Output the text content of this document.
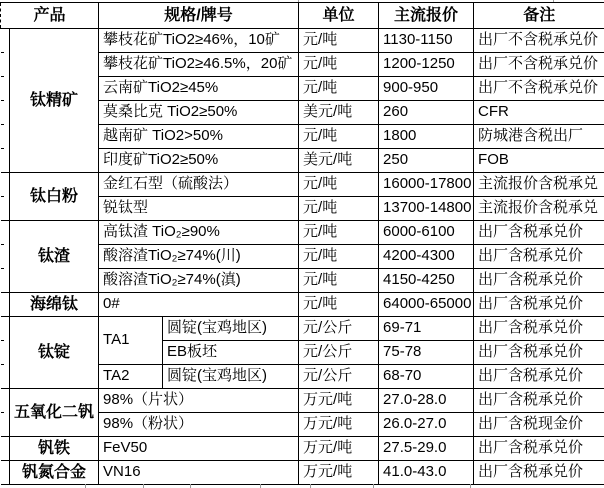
产品		规格/牌号		单位	主流报价	备注
	钛精矿	攀枝花矿TiO2≥46%，10矿		元/吨	1130-1150	出厂不含税承兑价
		攀枝花矿TiO2≥46.5%，20矿		元/吨	1200-1250	出厂不含税承兑价
		云南矿TiO2≥45%		元/吨	900-950	出厂不含税承兑价
		莫桑比克 TiO2≥50%		美元/吨	260	CFR
		越南矿 TiO2>50%		元/吨	1800	防城港含税出厂
		印度矿TiO2≥50%		美元/吨	250	FOB
	钛白粉	金红石型（硫酸法）		元/吨	16000-17800	主流报价含税承兑
		锐钛型		元/吨	13700-14800	主流报价含税承兑
	钛渣	高钛渣 TiO₂≥90%		元/吨	6000-6100	出厂含税承兑价
		酸溶渣TiO₂≥74%(川)		元/吨	4200-4300	出厂含税承兑价
		酸溶渣TiO₂≥74%(滇)		元/吨	4150-4250	出厂含税承兑价
	海绵钛	0#		元/吨	64000-65000	出厂含税承兑价
	钛锭	TA1	圆锭(宝鸡地区)	元/公斤	69-71	出厂含税承兑价
			EB板坯	元/公斤	75-78	出厂含税承兑价
		TA2	圆锭(宝鸡地区)	元/公斤	68-70	出厂含税承兑价
	五氧化二钒	98%（片状）		万元/吨	27.0-28.0	出厂含税承兑价
		98%（粉状）		万元/吨	26.0-27.0	出厂含税现金价
	钒铁	FeV50		万元/吨	27.5-29.0	出厂含税承兑价
	钒氮合金	VN16		万元/吨	41.0-43.0	出厂含税承兑价
